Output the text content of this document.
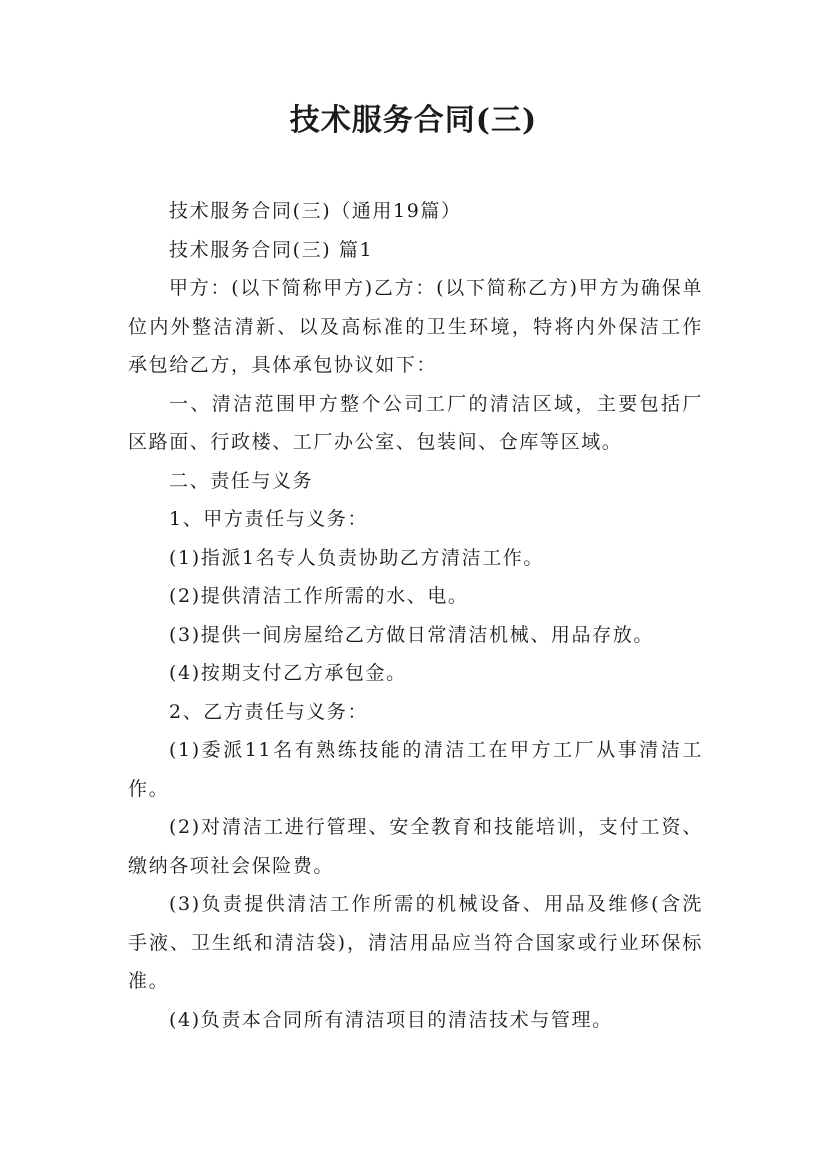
技术服务合同(三)

技术服务合同(三)（通用19篇）

技术服务合同(三) 篇1

甲方：(以下简称甲方)乙方：(以下简称乙方)甲方为确保单位内外整洁清新、以及高标准的卫生环境，特将内外保洁工作承包给乙方，具体承包协议如下：

一、清洁范围甲方整个公司工厂的清洁区域，主要包括厂区路面、行政楼、工厂办公室、包装间、仓库等区域。

二、责任与义务

1、甲方责任与义务：

(1)指派1名专人负责协助乙方清洁工作。

(2)提供清洁工作所需的水、电。

(3)提供一间房屋给乙方做日常清洁机械、用品存放。

(4)按期支付乙方承包金。

2、乙方责任与义务：

(1)委派11名有熟练技能的清洁工在甲方工厂从事清洁工作。

(2)对清洁工进行管理、安全教育和技能培训，支付工资、缴纳各项社会保险费。

(3)负责提供清洁工作所需的机械设备、用品及维修(含洗手液、卫生纸和清洁袋)，清洁用品应当符合国家或行业环保标准。

(4)负责本合同所有清洁项目的清洁技术与管理。
